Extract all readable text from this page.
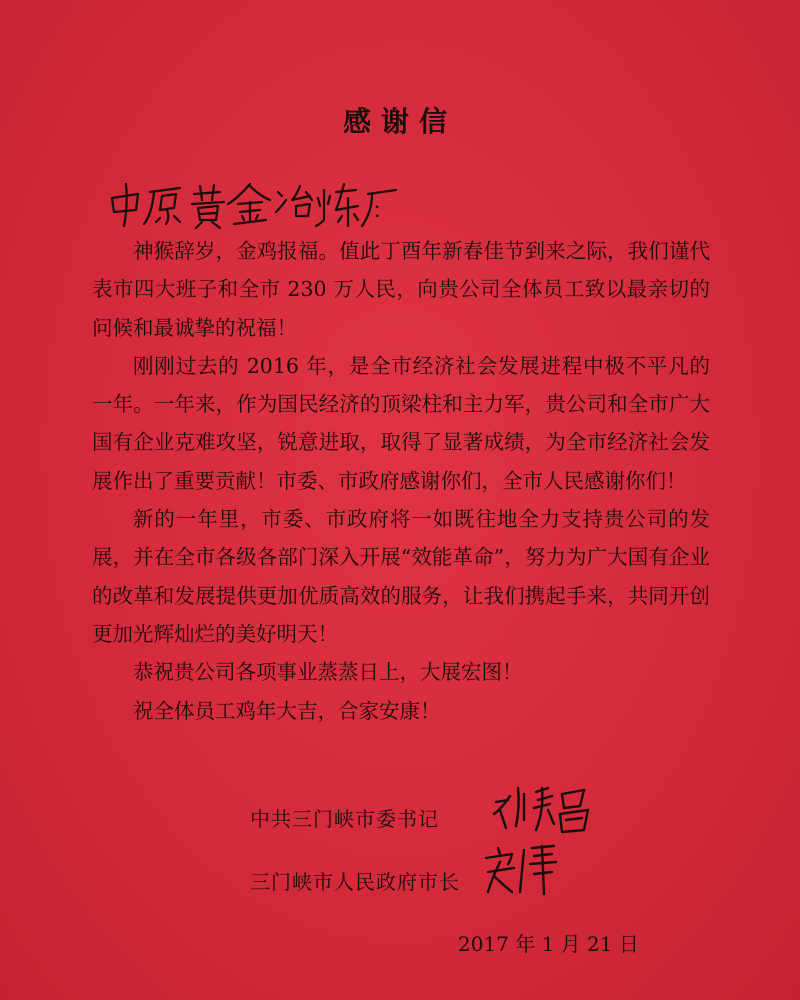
感谢信
：

神猴辞岁，金鸡报福。值此丁酉年新春佳节到来之际，我们谨代表市四大班子和全市 230 万人民，向贵公司全体员工致以最亲切的问候和最诚挚的祝福！

刚刚过去的 2016 年，是全市经济社会发展进程中极不平凡的一年。一年来，作为国民经济的顶梁柱和主力军，贵公司和全市广大国有企业克难攻坚，锐意进取，取得了显著成绩，为全市经济社会发展作出了重要贡献！市委、市政府感谢你们，全市人民感谢你们！

新的一年里，市委、市政府将一如既往地全力支持贵公司的发展，并在全市各级各部门深入开展“效能革命”，努力为广大国有企业的改革和发展提供更加优质高效的服务，让我们携起手来，共同开创更加光辉灿烂的美好明天！

恭祝贵公司各项事业蒸蒸日上，大展宏图！

祝全体员工鸡年大吉，合家安康！

中共三门峡市委书记
三门峡市人民政府市长
2017 年 1 月 21 日
